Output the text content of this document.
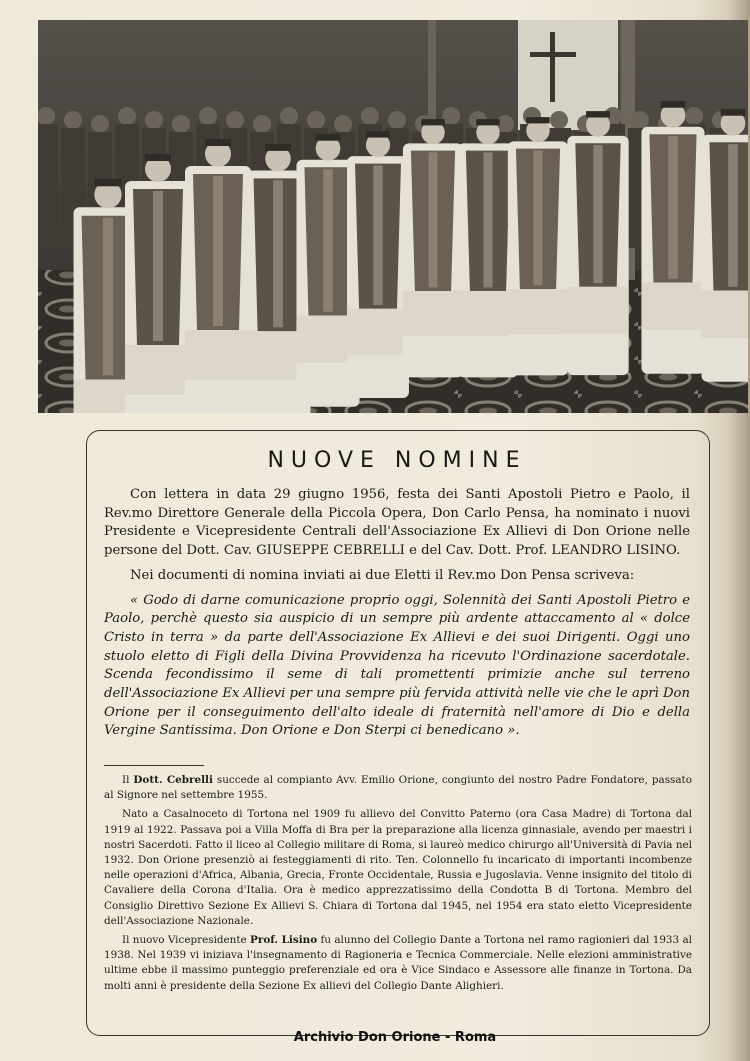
NUOVE NOMINE

Con lettera in data 29 giugno 1956, festa dei Santi Apostoli Pietro e Paolo, il Rev.mo Direttore Generale della Piccola Opera, Don Carlo Pensa, ha nominato i nuovi Presidente e Vicepresidente Centrali dell'Associazione Ex Allievi di Don Orione nelle persone del Dott. Cav. GIUSEPPE CEBRELLI e del Cav. Dott. Prof. LEANDRO LISINO.

Nei documenti di nomina inviati ai due Eletti il Rev.mo Don Pensa scriveva:

« Godo di darne comunicazione proprio oggi, Solennità dei Santi Apostoli Pietro e Paolo, perchè questo sia auspicio di un sempre più ardente attaccamento al « dolce Cristo in terra » da parte dell'Associazione Ex Allievi e dei suoi Dirigenti. Oggi uno stuolo eletto di Figli della Divina Provvidenza ha ricevuto l'Ordinazione sacerdotale. Scenda fecondissimo il seme di tali promettenti primizie anche sul terreno dell'Associazione Ex Allievi per una sempre più fervida attività nelle vie che le aprì Don Orione per il conseguimento dell'alto ideale di fraternità nell'amore di Dio e della Vergine Santissima. Don Orione e Don Sterpi ci benedicano ».

Il Dott. Cebrelli succede al compianto Avv. Emilio Orione, congiunto del nostro Padre Fondatore, passato al Signore nel settembre 1955.

Nato a Casalnoceto di Tortona nel 1909 fu allievo del Convitto Paterno (ora Casa Madre) di Tortona dal 1919 al 1922. Passava poi a Villa Moffa di Bra per la preparazione alla licenza ginnasiale, avendo per maestri i nostri Sacerdoti. Fatto il liceo al Collegio militare di Roma, si laureò medico chirurgo all'Università di Pavia nel 1932. Don Orione presenziò ai festeggiamenti di rito. Ten. Colonnello fu incaricato di importanti incombenze nelle operazioni d'Africa, Albania, Grecia, Fronte Occidentale, Russia e Jugoslavia. Venne insignito del titolo di Cavaliere della Corona d'Italia. Ora è medico apprezzatissimo della Condotta B di Tortona. Membro del Consiglio Direttivo Sezione Ex Allievi S. Chiara di Tortona dal 1945, nel 1954 era stato eletto Vicepresidente dell'Associazione Nazionale.

Il nuovo Vicepresidente Prof. Lisino fu alunno del Collegio Dante a Tortona nel ramo ragionieri dal 1933 al 1938. Nel 1939 vi iniziava l'insegnamento di Ragioneria e Tecnica Commerciale. Nelle elezioni amministrative ultime ebbe il massimo punteggio preferenziale ed ora è Vice Sindaco e Assessore alle finanze in Tortona. Da molti anni è presidente della Sezione Ex allievi del Collegio Dante Alighieri.

Archivio Don Orione - Roma
